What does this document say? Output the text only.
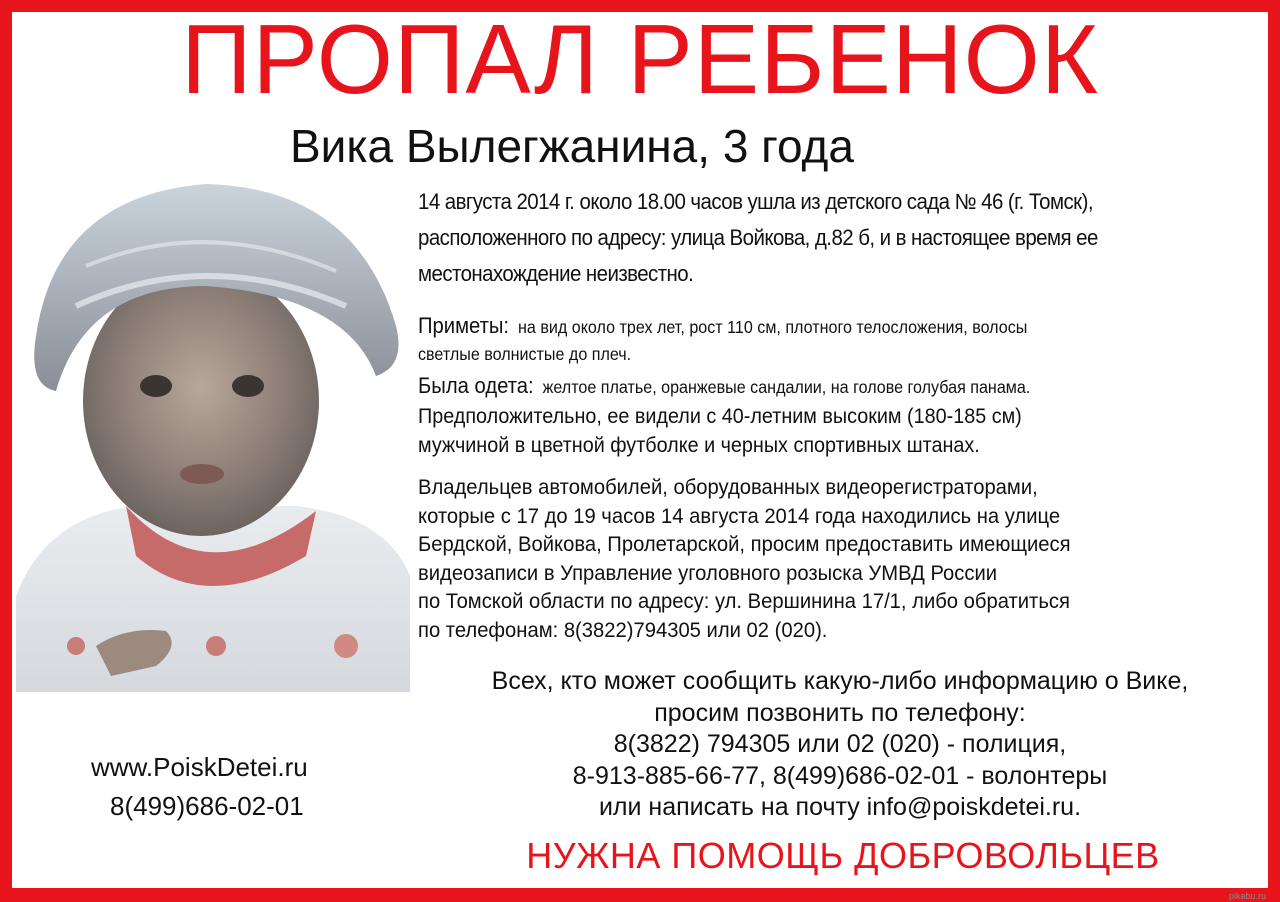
ПРОПАЛ РЕБЕНОК
Вика Вылегжанина, 3 года
14 августа 2014 г. около 18.00 часов ушла из детского сада № 46 (г. Томск),
расположенного по адресу: улица Войкова, д.82 б, и в настоящее время ее
местонахождение неизвестно.
Приметы: на вид около трех лет, рост 110 см, плотного телосложения, волосы
светлые волнистые до плеч.
Была одета: желтое платье, оранжевые сандалии, на голове голубая панама.
Предположительно, ее видели с 40-летним высоким (180-185 см)
мужчиной в цветной футболке и черных спортивных штанах.
Владельцев автомобилей, оборудованных видеорегистраторами,
которые с 17 до 19 часов 14 августа 2014 года находились на улице
Бердской, Войкова, Пролетарской, просим предоставить имеющиеся
видеозаписи в Управление уголовного розыска УМВД России
по Томской области по адресу: ул. Вершинина 17/1, либо обратиться
по телефонам: 8(3822)794305 или 02 (020).
Всех, кто может сообщить какую-либо информацию о Вике,
просим позвонить по телефону:
8(3822) 794305 или 02 (020) - полиция,
8-913-885-66-77, 8(499)686-02-01 - волонтеры
или написать на почту info@poiskdetei.ru.
www.PoiskDetei.ru
8(499)686-02-01
НУЖНА ПОМОЩЬ ДОБРОВОЛЬЦЕВ
pikabu.ru
